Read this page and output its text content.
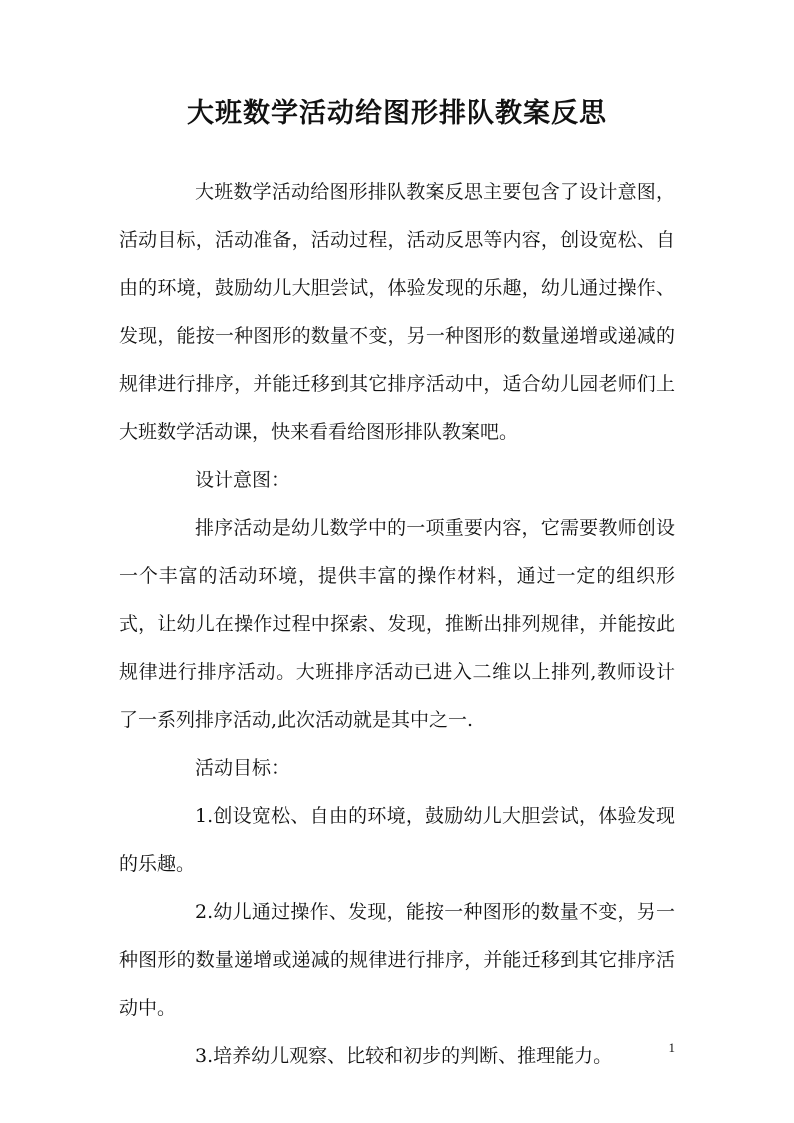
大班数学活动给图形排队教案反思

大班数学活动给图形排队教案反思主要包含了设计意图，活动目标，活动准备，活动过程，活动反思等内容，创设宽松、自由的环境，鼓励幼儿大胆尝试，体验发现的乐趣，幼儿通过操作、发现，能按一种图形的数量不变，另一种图形的数量递增或递减的规律进行排序，并能迁移到其它排序活动中，适合幼儿园老师们上大班数学活动课，快来看看给图形排队教案吧。

设计意图：

排序活动是幼儿数学中的一项重要内容，它需要教师创设一个丰富的活动环境，提供丰富的操作材料，通过一定的组织形式，让幼儿在操作过程中探索、发现，推断出排列规律，并能按此规律进行排序活动。大班排序活动已进入二维以上排列,教师设计了一系列排序活动,此次活动就是其中之一.

活动目标：

1.创设宽松、自由的环境，鼓励幼儿大胆尝试，体验发现的乐趣。

2.幼儿通过操作、发现，能按一种图形的数量不变，另一种图形的数量递增或递减的规律进行排序，并能迁移到其它排序活动中。

3.培养幼儿观察、比较和初步的判断、推理能力。	1
